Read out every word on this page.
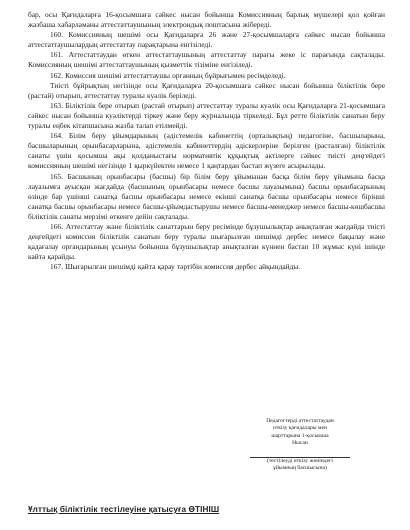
бар, осы Қағидаларға 16-қосымшаға сәйкес нысан бойынша Комиссияның барлық мүшелері қол қойған жазбаша хабарламаны аттестаттаушының электрондық поштасына жібереді.

160. Комиссияның шешімі осы Қағидаларға 26 және 27-қосымшаларға сәйкес нысан бойынша аттестаттаушылардың аттестаттау парақтарына енгізіледі.

161. Аттестаттаудан өткен аттестаттаушының аттестаттау парағы жеке іс парағында сақталады. Комиссияның шешімі аттестаттаушының қызметтік тізіміне енгізіледі.

162. Комиссия шешімі аттестаттаушы органның бұйрығымен ресімделеді.

Тиісті бұйрықтың негізінде осы Қағидаларға 20-қосымшаға сәйкес нысан бойынша біліктілік бере (растай) отырып, аттестаттау туралы куәлік беріледі.

163. Біліктілік бере отырып (растай отырып) аттестаттау туралы куәлік осы Қағидаларға 21-қосымшаға сәйкес нысан бойынша куәліктерді тіркеу және беру журналында тіркеледі. Бұл ретте біліктілік санатын беру туралы еңбек кітапшасына жазба талап етілмейді.

164. Білім беру ұйымдарының (әдістемелік кабинеттің (орталықтың) педагогіне, басшыларына, басшыларының орынбасарларына, әдістемелік кабинеттердің әдіскерлеріне берілген (расталған) біліктілік санаты үшін қосымша ақы қолданыстағы нормативтік құқықтық актілерге сәйкес тиісті деңгейдегі комиссияның шешімі негізінде 1 қыркүйектен немесе 1 қаңтардан бастап жүзеге асырылады.

165. Басшының орынбасары (басшы) бір білім беру ұйымынан басқа білім беру ұйымына басқа лауазымға ауысқан жағдайда (басшының орынбасары немесе басшы лауазымына) басшы орынбасарының өзінде бар үшінші санатқа басшы орынбасары немесе екінші санатқа басшы орынбасары немесе бірінші санатқа басшы орынбасары немесе басшы-ұйымдастырушы немесе басшы-менеджер немесе басшы-көшбасшы біліктілік санаты мерзімі өткенге дейін сақталады.

166. Аттестаттау және біліктілік санаттарын беру ресімінде бұзушылықтар анықталған жағдайда тиісті деңгейдегі комиссия біліктілік санатын беру туралы шығарылған шешімді дербес немесе бақылау және қадағалау органдарының ұсынуы бойынша бұзушылықтар анықталған күннен бастап 10 жұмыс күні ішінде кайта қарайды.

167. Шығарылған шешімді қайта қарау тәртібін комиссия дербес айқындайды.

Педагогтерді аттестаттаудан
өткізу қағидалары мен
шарттарына 1-қосымша
Нысан
(тестілеуді өткізу жөніндегі
ұйымның басшысына)
Ұлттық біліктілік тестілеуіне қатысуға ӨТІНІШ
